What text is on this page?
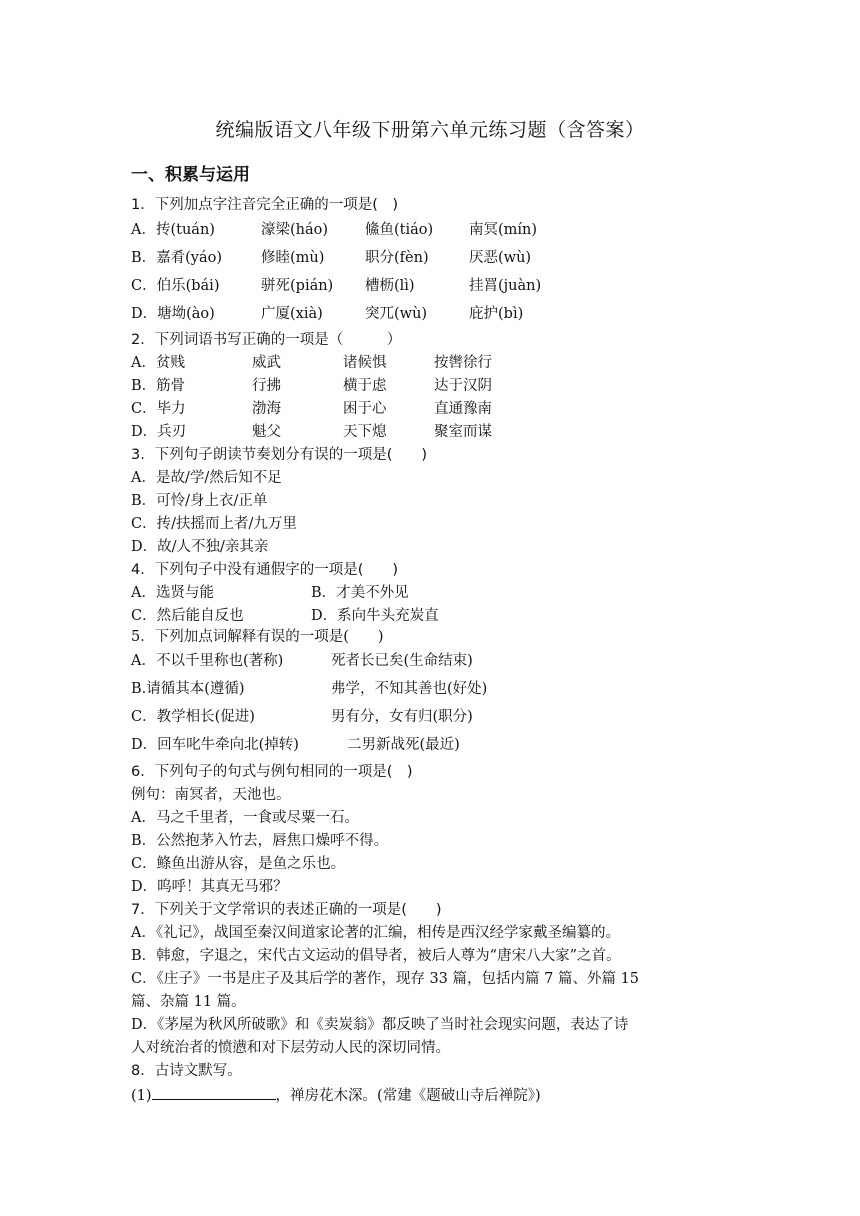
统编版语文八年级下册第六单元练习题（含答案）
一、积累与运用
1．下列加点字注音完全正确的一项是(　)
A．抟(tuán)	濠梁(háo)	鯈鱼(tiáo) 南冥(mín)
B．嘉肴(yáo)	修睦(mù)	职分(fèn)	厌恶(wù)
C．伯乐(bái)	骈死(pián) 槽枥(lì)	挂罥(juàn)
D．塘坳(ào)	广厦(xià)	突兀(wù)	庇护(bì)
2．下列词语书写正确的一项是（　　　）
A．贫贱	威武	诸候惧	按辔徐行
B．筋骨	行拂	横于虑	达于汉阴
C．毕力	渤海	困于心	直通豫南
D．兵刃	魁父	天下熄	聚室而谋
3．下列句子朗读节奏划分有误的一项是(　　)
A．是故/学/然后知不足
B．可怜/身上衣/正单
C．抟/扶摇而上者/九万里
D．故/人不独/亲其亲
4．下列句子中没有通假字的一项是(　　)
A．选贤与能	B．才美不外见
C．然后能自反也	D．系向牛头充炭直
5．下列加点词解释有误的一项是(　　)
A．不以千里称也(著称)	死者长已矣(生命结束)
B.请循其本(遵循)	弗学，不知其善也(好处)
C．教学相长(促进)	男有分，女有归(职分)
D．回车叱牛牵向北(掉转)	二男新战死(最近)
6．下列句子的句式与例句相同的一项是(　)
例句：南冥者，天池也。
A．马之千里者，一食或尽粟一石。
B．公然抱茅入竹去，唇焦口燥呼不得。
C．鲦鱼出游从容，是鱼之乐也。
D．呜呼！其真无马邪？
7．下列关于文学常识的表述正确的一项是(　　)
A．《礼记》，战国至秦汉间道家论著的汇编，相传是西汉经学家戴圣编纂的。
B．韩愈，字退之，宋代古文运动的倡导者，被后人尊为“唐宋八大家”之首。
C．《庄子》一书是庄子及其后学的著作，现存 33 篇，包括内篇 7 篇、外篇 15
篇、杂篇 11 篇。
D．《茅屋为秋风所破歌》和《卖炭翁》都反映了当时社会现实问题，表达了诗
人对统治者的愤懑和对下层劳动人民的深切同情。
8．古诗文默写。
(1)	，禅房花木深。(常建《题破山寺后禅院》)
